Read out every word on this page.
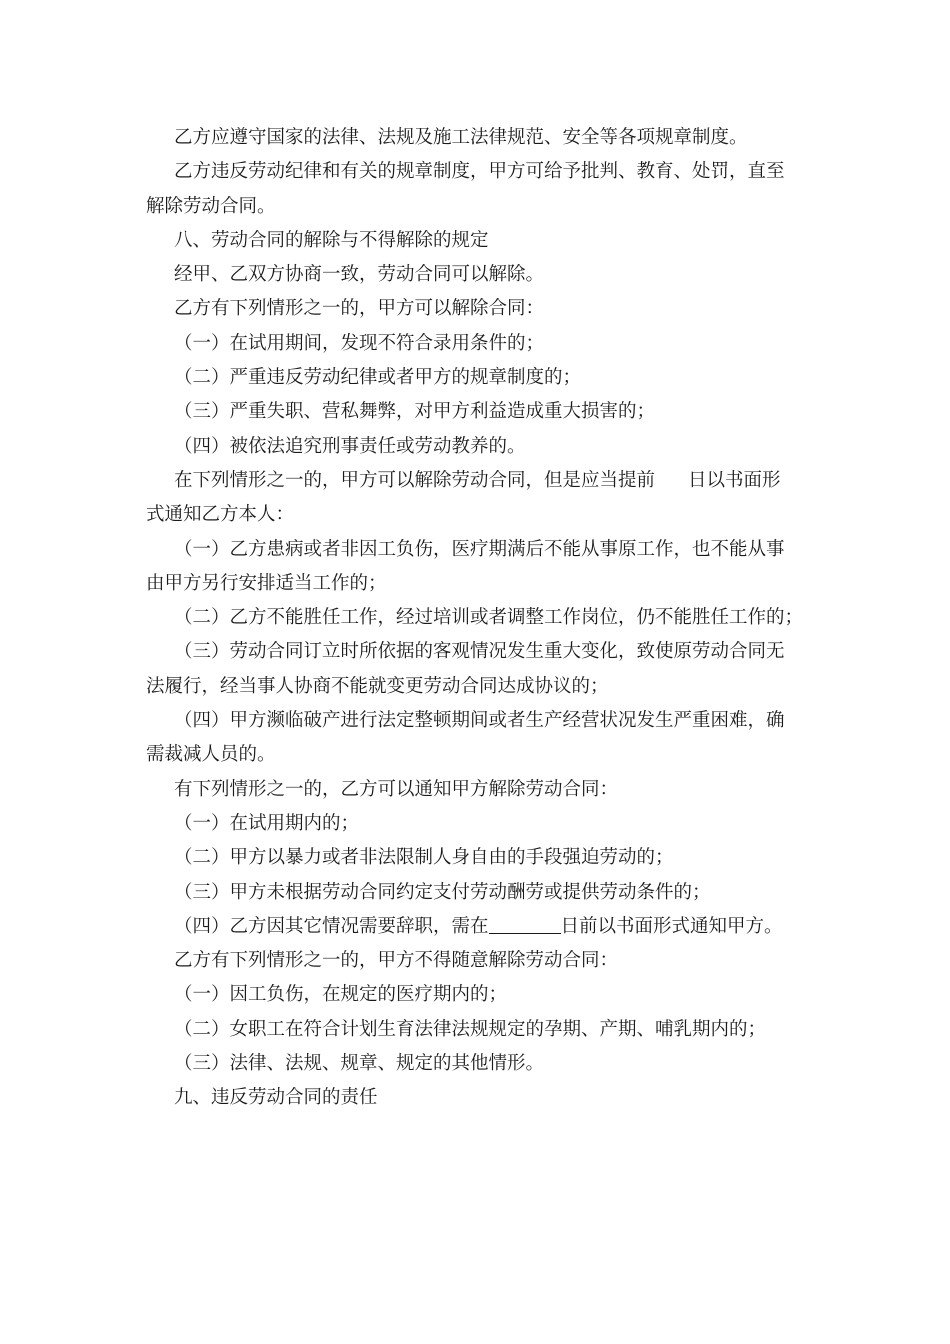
乙方应遵守国家的法律、法规及施工法律规范、安全等各项规章制度。

乙方违反劳动纪律和有关的规章制度，甲方可给予批判、教育、处罚，直至

解除劳动合同。

八、劳动合同的解除与不得解除的规定

经甲、乙双方协商一致，劳动合同可以解除。

乙方有下列情形之一的，甲方可以解除合同：

（一）在试用期间，发现不符合录用条件的；

（二）严重违反劳动纪律或者甲方的规章制度的；

（三）严重失职、营私舞弊，对甲方利益造成重大损害的；

（四）被依法追究刑事责任或劳动教养的。

在下列情形之一的，甲方可以解除劳动合同，但是应当提前 日以书面形

式通知乙方本人：

（一）乙方患病或者非因工负伤，医疗期满后不能从事原工作，也不能从事

由甲方另行安排适当工作的；

（二）乙方不能胜任工作，经过培训或者调整工作岗位，仍不能胜任工作的；

（三）劳动合同订立时所依据的客观情况发生重大变化，致使原劳动合同无

法履行，经当事人协商不能就变更劳动合同达成协议的；

（四）甲方濒临破产进行法定整顿期间或者生产经营状况发生严重困难，确

需裁减人员的。

有下列情形之一的，乙方可以通知甲方解除劳动合同：

（一）在试用期内的；

（二）甲方以暴力或者非法限制人身自由的手段强迫劳动的；

（三）甲方未根据劳动合同约定支付劳动酬劳或提供劳动条件的；

（四）乙方因其它情况需要辞职，需在	日前以书面形式通知甲方。

乙方有下列情形之一的，甲方不得随意解除劳动合同：

（一）因工负伤，在规定的医疗期内的；

（二）女职工在符合计划生育法律法规规定的孕期、产期、哺乳期内的；

（三）法律、法规、规章、规定的其他情形。

九、违反劳动合同的责任
